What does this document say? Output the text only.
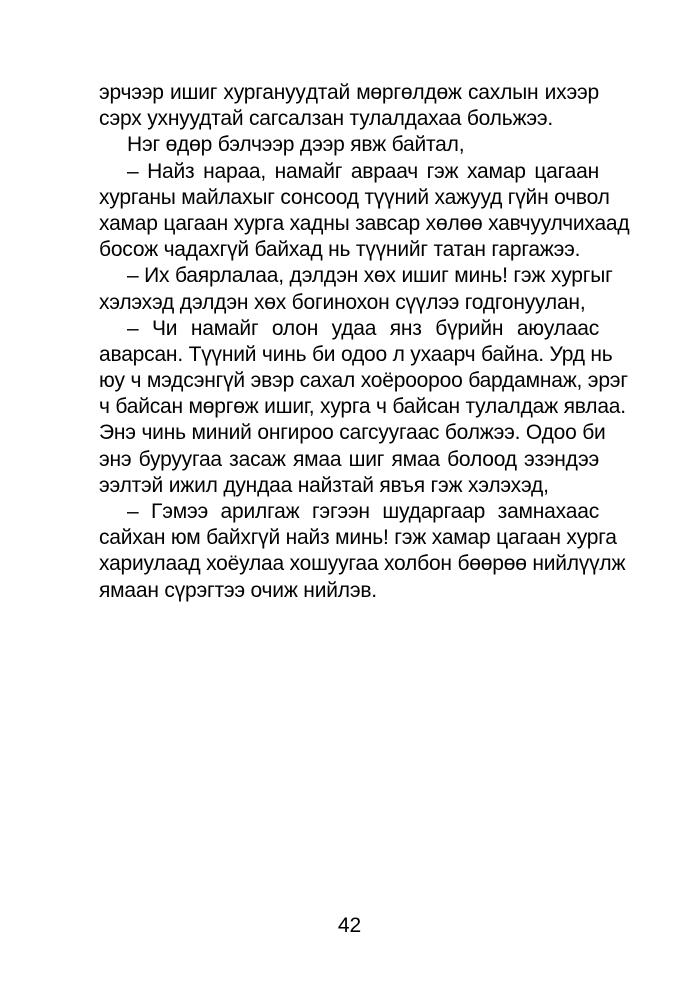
эрчээр ишиг хурганyyдтай мөргөлдөж сахлын ихээр
сэрх ухнуудтай сагсалзан тулалдахаа больжээ.
Нэг өдөр бэлчээр дээр явж байтал,
– Найз нараа, намайг авраач гэж хамар цагаан
хурганы майлахыг сонсоод түүний хажууд гүйн очвол
хамар цагаан хурга хадны завсар хөлөө хавчуулчихаад
босож чадахгүй байхад нь түүнийг татан гаргажээ.
– Их баярлалаа, дэлдэн хөх ишиг минь! гэж хургыг
хэлэхэд дэлдэн хөх богинохон сүүлээ годгонуулан,
– Чи намайг олон удаа янз бүрийн аюулаас
аварсан. Түүний чинь би одоо л ухаарч байна. Урд нь
юу ч мэдсэнгүй эвэр сахал хоёроороо бардамнаж, эрэг
ч байсан мөргөж ишиг, хурга ч байсан тулалдаж явлаа.
Энэ чинь миний онгироо сагсуугаас болжээ. Одоо би
энэ буруугаа засаж ямаа шиг ямаа болоод эзэндээ
ээлтэй ижил дундаа найзтай явъя гэж хэлэхэд,
– Гэмээ арилгаж гэгээн шударгаар замнахаас
сайхан юм байхгүй найз минь! гэж хамар цагаан хурга
хариулаад хоёулаа хошуугаа холбон бөөрөө нийлүүлж
ямаан сүрэгтээ очиж нийлэв.
42
